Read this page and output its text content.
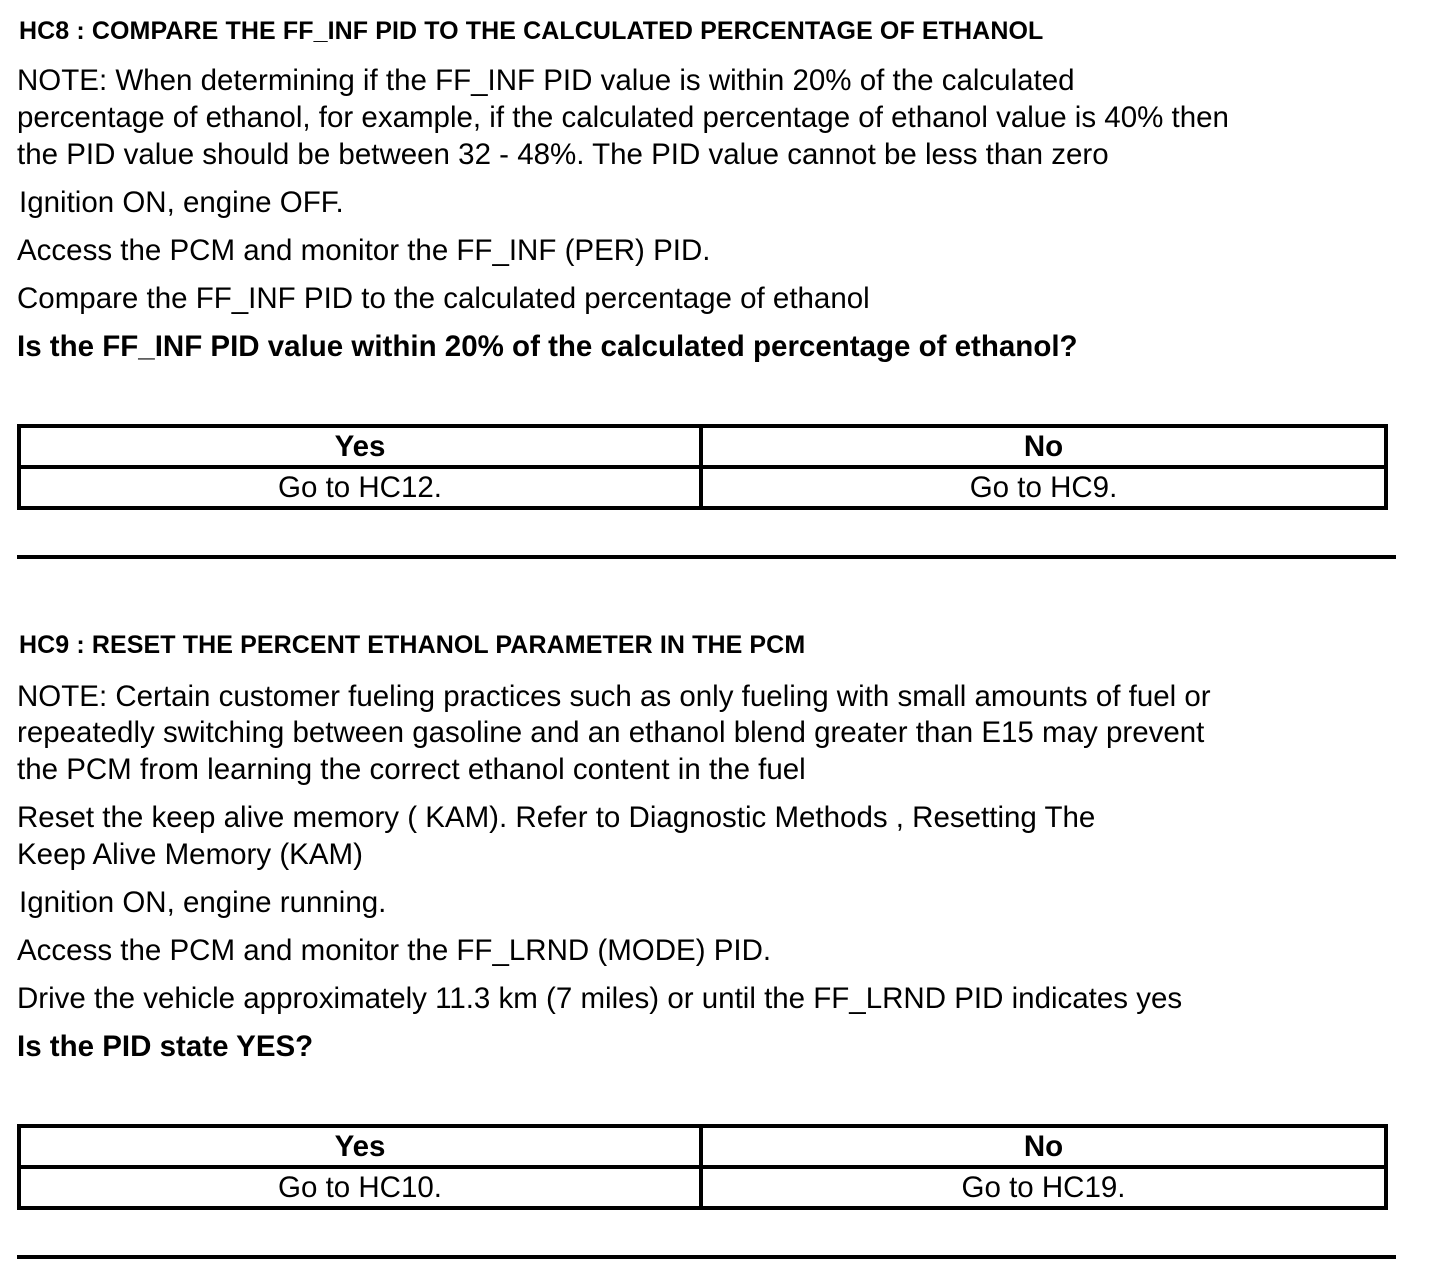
HC8 : COMPARE THE FF_INF PID TO THE CALCULATED PERCENTAGE OF ETHANOL
NOTE: When determining if the FF_INF PID value is within 20% of the calculated
percentage of ethanol, for example, if the calculated percentage of ethanol value is 40% then
the PID value should be between 32 - 48%. The PID value cannot be less than zero
Ignition ON, engine OFF.
Access the PCM and monitor the FF_INF (PER) PID.
Compare the FF_INF PID to the calculated percentage of ethanol
Is the FF_INF PID value within 20% of the calculated percentage of ethanol?
Yes	No
Go to HC12.	Go to HC9.
HC9 : RESET THE PERCENT ETHANOL PARAMETER IN THE PCM
NOTE: Certain customer fueling practices such as only fueling with small amounts of fuel or
repeatedly switching between gasoline and an ethanol blend greater than E15 may prevent
the PCM from learning the correct ethanol content in the fuel
Reset the keep alive memory ( KAM). Refer to Diagnostic Methods , Resetting The
Keep Alive Memory (KAM)
Ignition ON, engine running.
Access the PCM and monitor the FF_LRND (MODE) PID.
Drive the vehicle approximately 11.3 km (7 miles) or until the FF_LRND PID indicates yes
Is the PID state YES?
Yes	No
Go to HC10.	Go to HC19.
